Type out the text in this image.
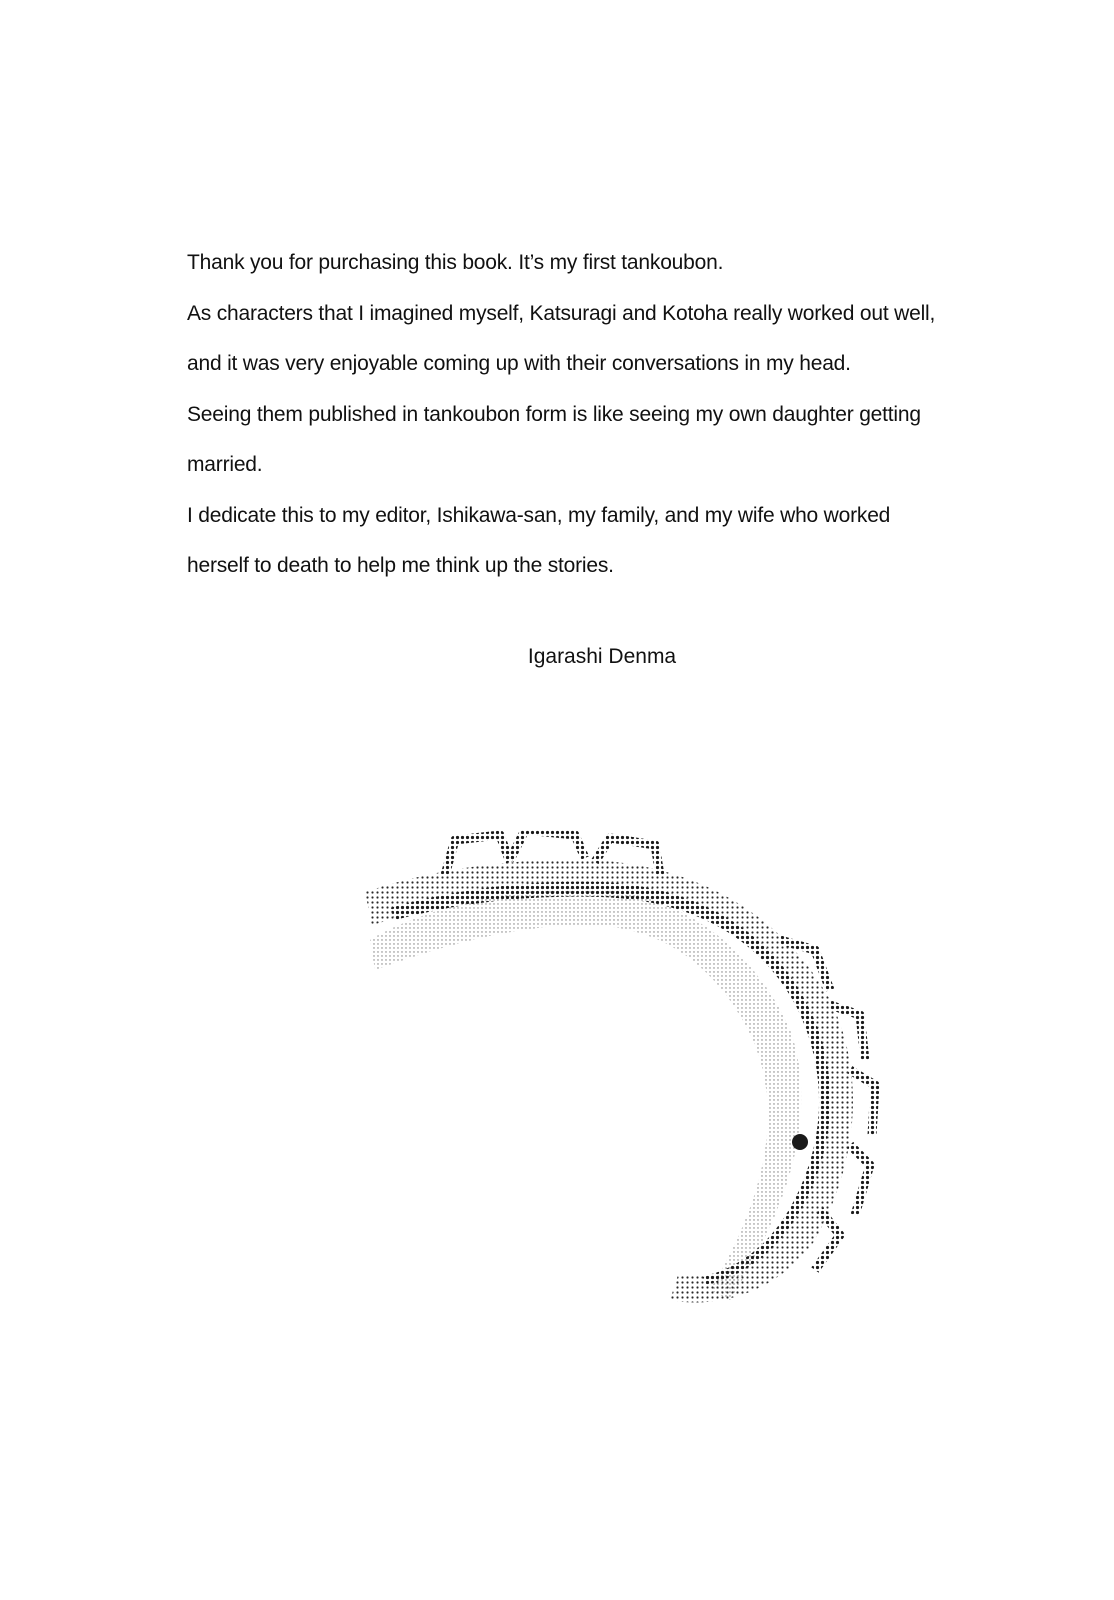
Thank you for purchasing this book. It’s my first tankoubon.

As characters that I imagined myself, Katsuragi and Kotoha really worked out well,

and it was very enjoyable coming up with their conversations in my head.

Seeing them published in tankoubon form is like seeing my own daughter getting

married.

I dedicate this to my editor, Ishikawa-san, my family, and my wife who worked

herself to death to help me think up the stories.

Igarashi Denma
